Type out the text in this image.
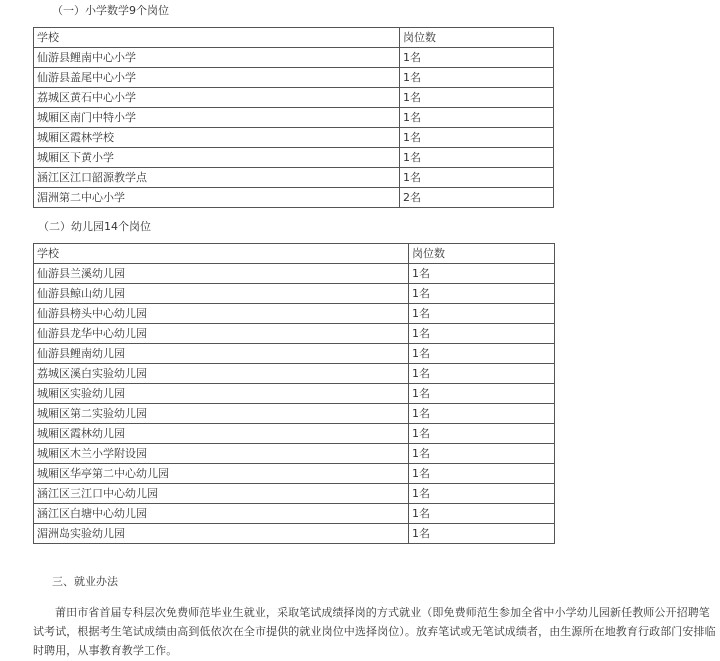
（一）小学数学9个岗位
学校	岗位数
仙游县鲤南中心小学	1名
仙游县盖尾中心小学	1名
荔城区黄石中心小学	1名
城厢区南门中特小学	1名
城厢区霞林学校	1名
城厢区下黄小学	1名
涵江区江口韶源教学点	1名
湄洲第二中心小学	2名
（二）幼儿园14个岗位
学校	岗位数
仙游县兰溪幼儿园	1名
仙游县鲸山幼儿园	1名
仙游县榜头中心幼儿园	1名
仙游县龙华中心幼儿园	1名
仙游县鲤南幼儿园	1名
荔城区溪白实验幼儿园	1名
城厢区实验幼儿园	1名
城厢区第二实验幼儿园	1名
城厢区霞林幼儿园	1名
城厢区木兰小学附设园	1名
城厢区华亭第二中心幼儿园	1名
涵江区三江口中心幼儿园	1名
涵江区白塘中心幼儿园	1名
湄洲岛实验幼儿园	1名
三、就业办法
莆田市省首届专科层次免费师范毕业生就业，采取笔试成绩择岗的方式就业（即免费师范生参加全省中小学幼儿园新任教师公开招聘笔试考试，根据考生笔试成绩由高到低依次在全市提供的就业岗位中选择岗位）。放弃笔试或无笔试成绩者，由生源所在地教育行政部门安排临时聘用，从事教育教学工作。
